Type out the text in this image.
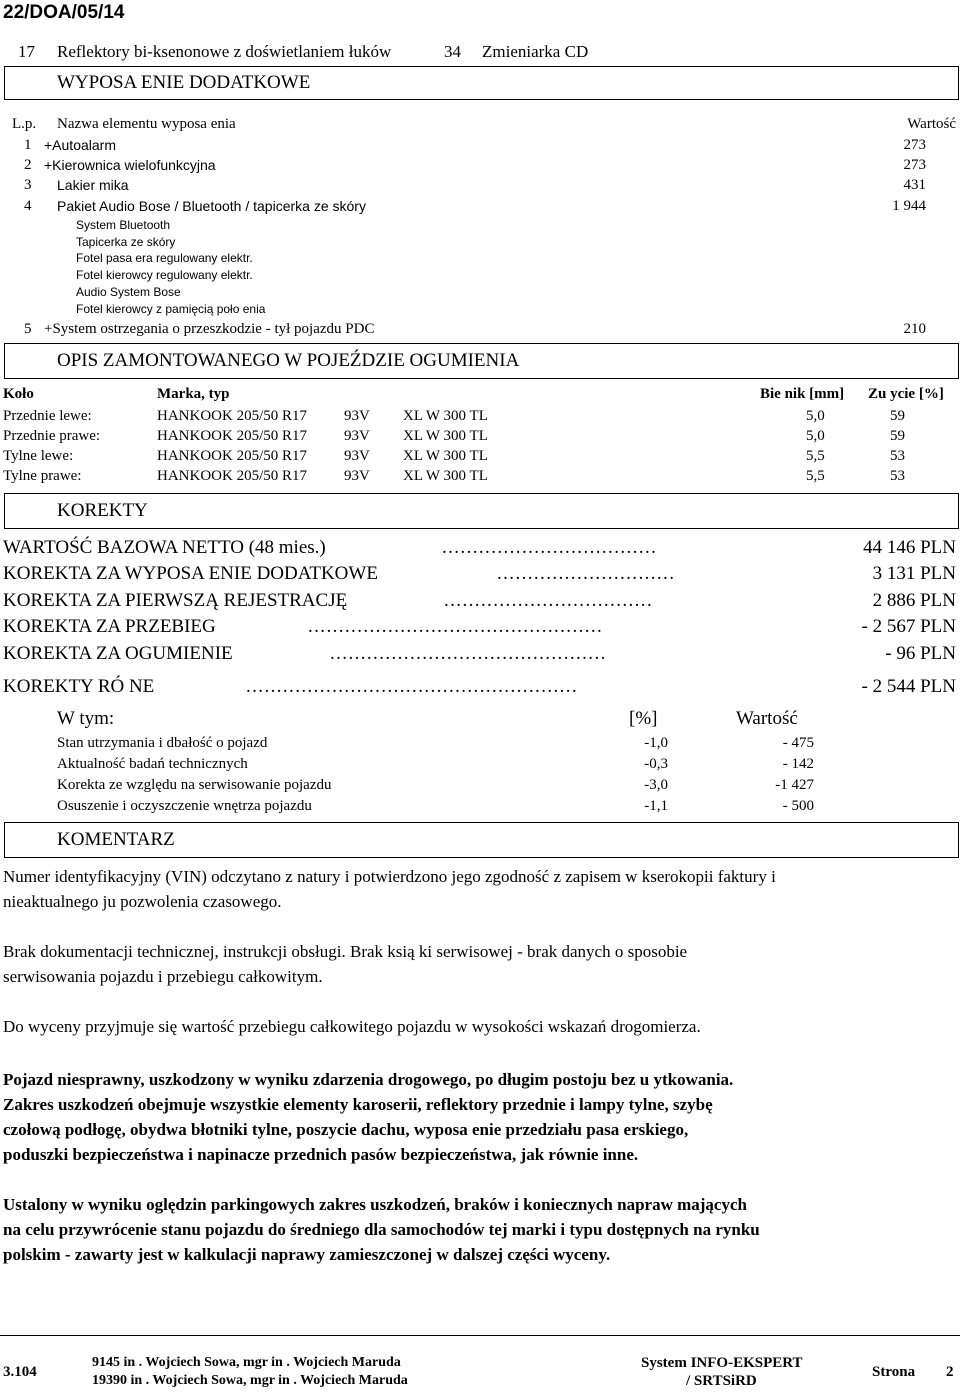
22/DOA/05/14
17 Reflektory bi-ksenonowe z doświetlaniem łuków	34 Zmieniarka CD
WYPOSA ENIE DODATKOWE
L.p. Nazwa elementu wyposa enia	Wartość
1 +Autoalarm	273
2 +Kierownica wielofunkcyjna	273
3 Lakier mika	431
4 Pakiet Audio Bose / Bluetooth / tapicerka ze skóry	1 944
System Bluetooth
Tapicerka ze skóry
Fotel pasa era regulowany elektr.
Fotel kierowcy regulowany elektr.
Audio System Bose
Fotel kierowcy z pamięcią poło enia
5 +System ostrzegania o przeszkodzie - tył pojazdu PDC	210
OPIS ZAMONTOWANEGO W POJEŹDZIE OGUMIENIA
Koło	Marka, typ	Bie nik [mm] Zu ycie [%]
Przednie lewe:	HANKOOK 205/50 R17 93V XL W 300 TL	5,0	59
Przednie prawe:	HANKOOK 205/50 R17 93V XL W 300 TL	5,0	59
Tylne lewe:	HANKOOK 205/50 R17 93V XL W 300 TL	5,5	53
Tylne prawe:	HANKOOK 205/50 R17 93V XL W 300 TL	5,5	53
KOREKTY
WARTOŚĆ BAZOWA NETTO (48 mies.)	...................................	44 146 PLN
KOREKTA ZA WYPOSA ENIE DODATKOWE	.............................	3 131 PLN
KOREKTA ZA PIERWSZĄ REJESTRACJĘ	..................................	2 886 PLN
KOREKTA ZA PRZEBIEG	................................................	- 2 567 PLN
KOREKTA ZA OGUMIENIE	.............................................	- 96 PLN
KOREKTY RÓ NE	......................................................	- 2 544 PLN
W tym:	[%]	Wartość
Stan utrzymania i dbałość o pojazd	-1,0	- 475
Aktualność badań technicznych	-0,3	- 142
Korekta ze względu na serwisowanie pojazdu	-3,0	-1 427
Osuszenie i oczyszczenie wnętrza pojazdu	-1,1	- 500
KOMENTARZ
Numer identyfikacyjny (VIN) odczytano z natury i potwierdzono jego zgodność z zapisem w kserokopii faktury i
nieaktualnego ju pozwolenia czasowego.
Brak dokumentacji technicznej, instrukcji obsługi. Brak ksią ki serwisowej - brak danych o sposobie
serwisowania pojazdu i przebiegu całkowitym.
Do wyceny przyjmuje się wartość przebiegu całkowitego pojazdu w wysokości wskazań drogomierza.
Pojazd niesprawny, uszkodzony w wyniku zdarzenia drogowego, po długim postoju bez u ytkowania.
Zakres uszkodzeń obejmuje wszystkie elementy karoserii, reflektory przednie i lampy tylne, szybę
czołową podłogę, obydwa błotniki tylne, poszycie dachu, wyposa enie przedziału pasa erskiego,
poduszki bezpieczeństwa i napinacze przednich pasów bezpieczeństwa, jak równie inne.
Ustalony w wyniku oględzin parkingowych zakres uszkodzeń, braków i koniecznych napraw mających
na celu przywrócenie stanu pojazdu do średniego dla samochodów tej marki i typu dostępnych na rynku
polskim - zawarty jest w kalkulacji naprawy zamieszczonej w dalszej części wyceny.
3.104
9145 in . Wojciech Sowa, mgr in . Wojciech Maruda
19390 in . Wojciech Sowa, mgr in . Wojciech Maruda
System INFO-EKSPERT
/ SRTSiRD
Strona 2
